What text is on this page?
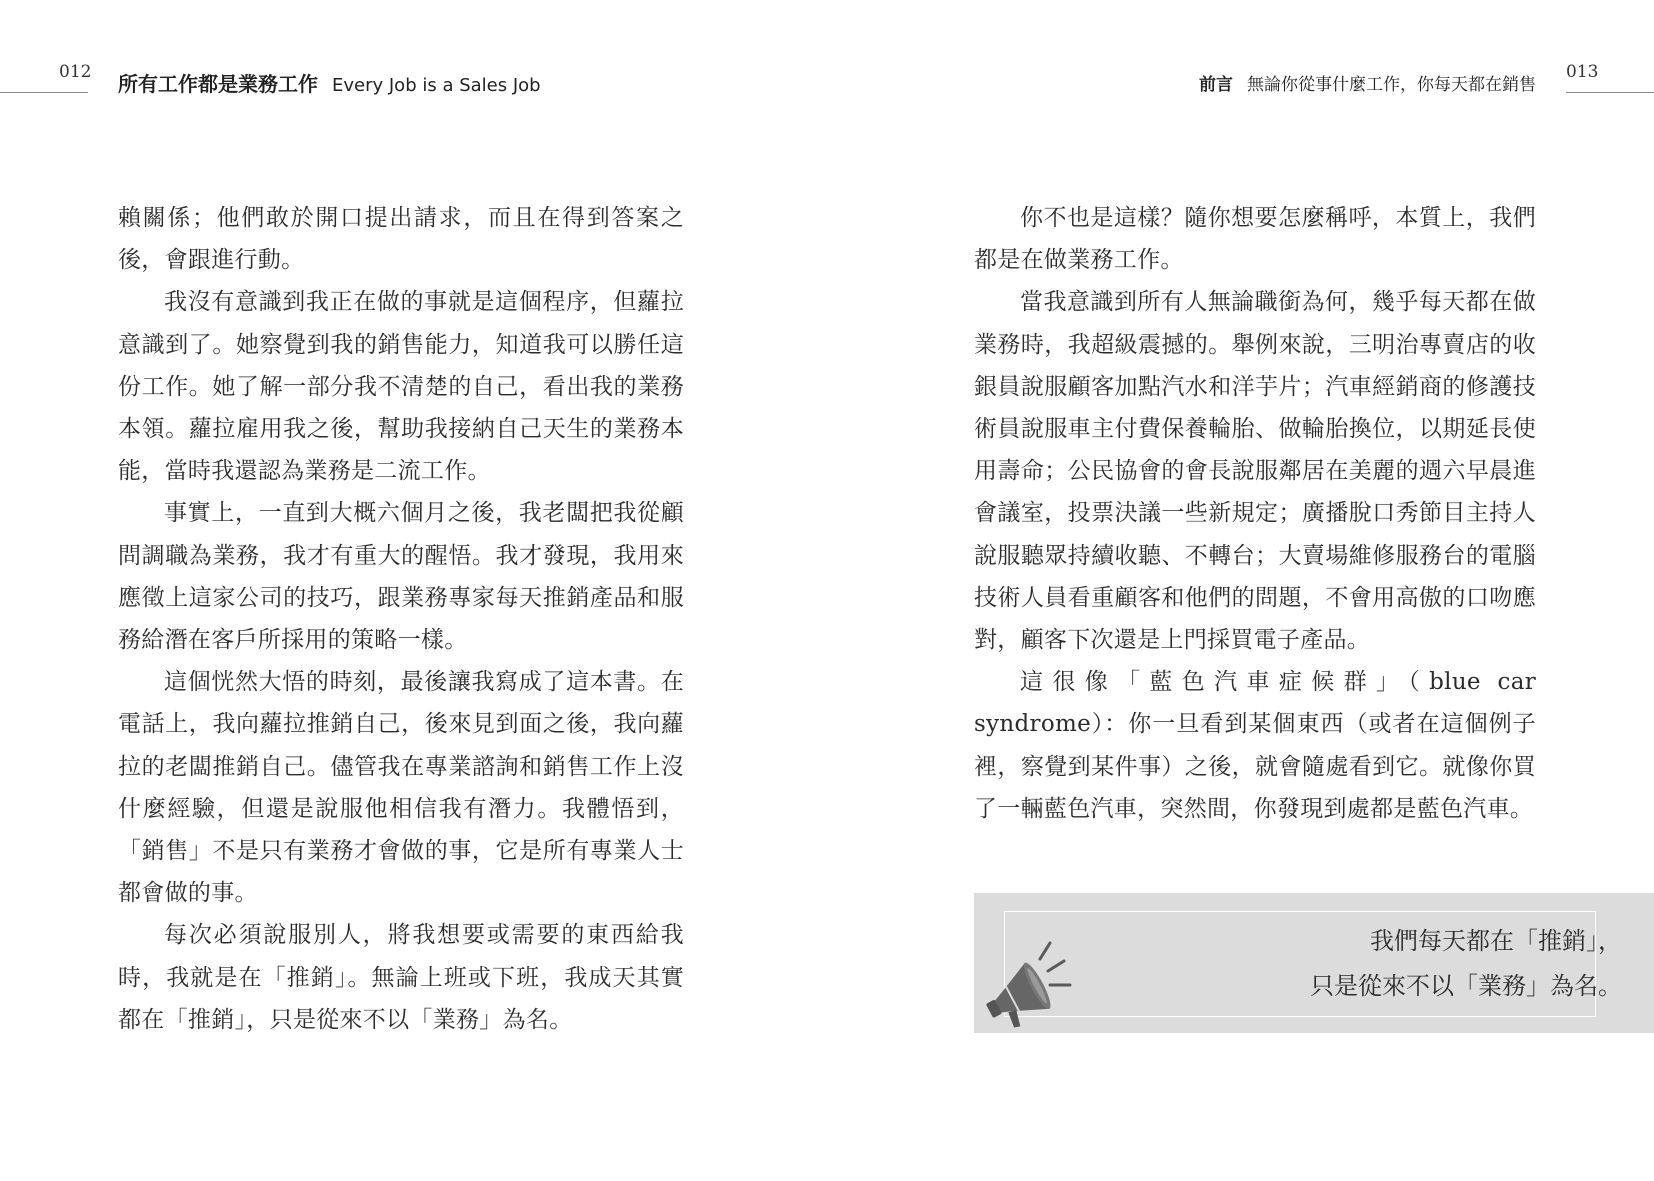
012 所有工作都是業務工作 Every Job is a Sales Job	前言 無論你從事什麼工作，你每天都在銷售
013

賴關係；他們敢於開口提出請求，而且在得到答案之後，會跟進行動。

我沒有意識到我正在做的事就是這個程序，但蘿拉意識到了。她察覺到我的銷售能力，知道我可以勝任這份工作。她了解一部分我不清楚的自己，看出我的業務本領。蘿拉雇用我之後，幫助我接納自己天生的業務本能，當時我還認為業務是二流工作。

事實上，一直到大概六個月之後，我老闆把我從顧問調職為業務，我才有重大的醒悟。我才發現，我用來應徵上這家公司的技巧，跟業務專家每天推銷產品和服務給潛在客戶所採用的策略一樣。

這個恍然大悟的時刻，最後讓我寫成了這本書。在電話上，我向蘿拉推銷自己，後來見到面之後，我向蘿拉的老闆推銷自己。儘管我在專業諮詢和銷售工作上沒什麼經驗，但還是說服他相信我有潛力。我體悟到，「銷售」不是只有業務才會做的事，它是所有專業人士都會做的事。

每次必須說服別人，將我想要或需要的東西給我時，我就是在「推銷」。無論上班或下班，我成天其實都在「推銷」，只是從來不以「業務」為名。

你不也是這樣？隨你想要怎麼稱呼，本質上，我們都是在做業務工作。

當我意識到所有人無論職銜為何，幾乎每天都在做業務時，我超級震撼的。舉例來說，三明治專賣店的收銀員說服顧客加點汽水和洋芋片；汽車經銷商的修護技術員說服車主付費保養輪胎、做輪胎換位，以期延長使用壽命；公民協會的會長說服鄰居在美麗的週六早晨進會議室，投票決議一些新規定；廣播脫口秀節目主持人說服聽眾持續收聽、不轉台；大賣場維修服務台的電腦技術人員看重顧客和他們的問題，不會用高傲的口吻應對，顧客下次還是上門採買電子產品。

這很像「藍色汽車症候群」（blue car syndrome）：你一旦看到某個東西（或者在這個例子裡，察覺到某件事）之後，就會隨處看到它。就像你買了一輛藍色汽車，突然間，你發現到處都是藍色汽車。

我們每天都在「推銷」，
只是從來不以「業務」為名。
